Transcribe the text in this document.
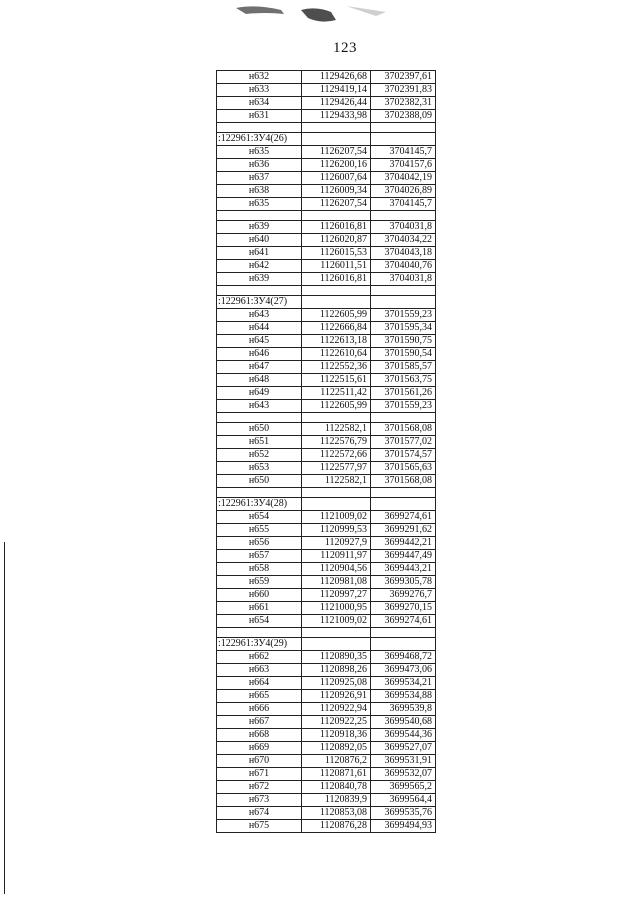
123
н632	1129426,68	3702397,61
н633	1129419,14	3702391,83
н634	1129426,44	3702382,31
н631	1129433,98	3702388,09

:122961:ЗУ4(26)		
н635	1126207,54	3704145,7
н636	1126200,16	3704157,6
н637	1126007,64	3704042,19
н638	1126009,34	3704026,89
н635	1126207,54	3704145,7

н639	1126016,81	3704031,8
н640	1126020,87	3704034,22
н641	1126015,53	3704043,18
н642	1126011,51	3704040,76
н639	1126016,81	3704031,8

:122961:ЗУ4(27)		
н643	1122605,99	3701559,23
н644	1122666,84	3701595,34
н645	1122613,18	3701590,75
н646	1122610,64	3701590,54
н647	1122552,36	3701585,57
н648	1122515,61	3701563,75
н649	1122511,42	3701561,26
н643	1122605,99	3701559,23

н650	1122582,1	3701568,08
н651	1122576,79	3701577,02
н652	1122572,66	3701574,57
н653	1122577,97	3701565,63
н650	1122582,1	3701568,08

:122961:ЗУ4(28)		
н654	1121009,02	3699274,61
н655	1120999,53	3699291,62
н656	1120927,9	3699442,21
н657	1120911,97	3699447,49
н658	1120904,56	3699443,21
н659	1120981,08	3699305,78
н660	1120997,27	3699276,7
н661	1121000,95	3699270,15
н654	1121009,02	3699274,61

:122961:ЗУ4(29)		
н662	1120890,35	3699468,72
н663	1120898,26	3699473,06
н664	1120925,08	3699534,21
н665	1120926,91	3699534,88
н666	1120922,94	3699539,8
н667	1120922,25	3699540,68
н668	1120918,36	3699544,36
н669	1120892,05	3699527,07
н670	1120876,2	3699531,91
н671	1120871,61	3699532,07
н672	1120840,78	3699565,2
н673	1120839,9	3699564,4
н674	1120853,08	3699535,76
н675	1120876,28	3699494,93
